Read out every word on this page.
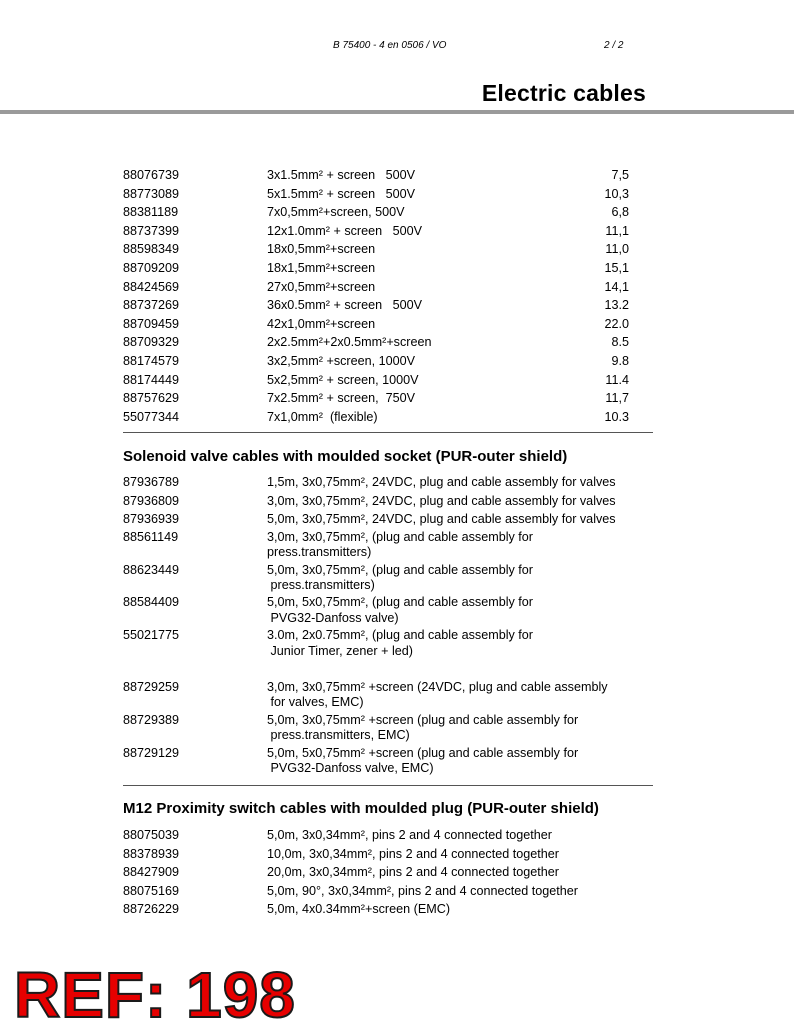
B 75400 - 4 en 0506 / VO	2 / 2
Electric cables
88076739	3x1.5mm² + screen   500V	7,5
88773089	5x1.5mm² + screen   500V	10,3
88381189	7x0,5mm²+screen, 500V	6,8
88737399	12x1.0mm² + screen   500V	11,1
88598349	18x0,5mm²+screen	11,0
88709209	18x1,5mm²+screen	15,1
88424569	27x0,5mm²+screen	14,1
88737269	36x0.5mm² + screen   500V	13.2
88709459	42x1,0mm²+screen	22.0
88709329	2x2.5mm²+2x0.5mm²+screen	8.5
88174579	3x2,5mm² +screen, 1000V	9.8
88174449	5x2,5mm² + screen, 1000V	11.4
88757629	7x2.5mm² + screen,  750V	11,7
55077344	7x1,0mm²  (flexible)	10.3
Solenoid valve cables with moulded socket (PUR-outer shield)
87936789	1,5m, 3x0,75mm², 24VDC, plug and cable assembly for valves
87936809	3,0m, 3x0,75mm², 24VDC, plug and cable assembly for valves
87936939	5,0m, 3x0,75mm², 24VDC, plug and cable assembly for valves
88561149	3,0m, 3x0,75mm², (plug and cable assembly for
press.transmitters)
88623449	5,0m, 3x0,75mm², (plug and cable assembly for
press.transmitters)
88584409	5,0m, 5x0,75mm², (plug and cable assembly for
PVG32-Danfoss valve)
55021775	3.0m, 2x0.75mm², (plug and cable assembly for
Junior Timer, zener + led)
88729259	3,0m, 3x0,75mm² +screen (24VDC, plug and cable assembly
for valves, EMC)
88729389	5,0m, 3x0,75mm² +screen (plug and cable assembly for
press.transmitters, EMC)
88729129	5,0m, 5x0,75mm² +screen (plug and cable assembly for
PVG32-Danfoss valve, EMC)
M12 Proximity switch cables with moulded plug (PUR-outer shield)
88075039	5,0m, 3x0,34mm², pins 2 and 4 connected together
88378939	10,0m, 3x0,34mm², pins 2 and 4 connected together
88427909	20,0m, 3x0,34mm², pins 2 and 4 connected together
88075169	5,0m, 90°, 3x0,34mm², pins 2 and 4 connected together
88726229	5,0m, 4x0.34mm²+screen (EMC)
REF: 198
